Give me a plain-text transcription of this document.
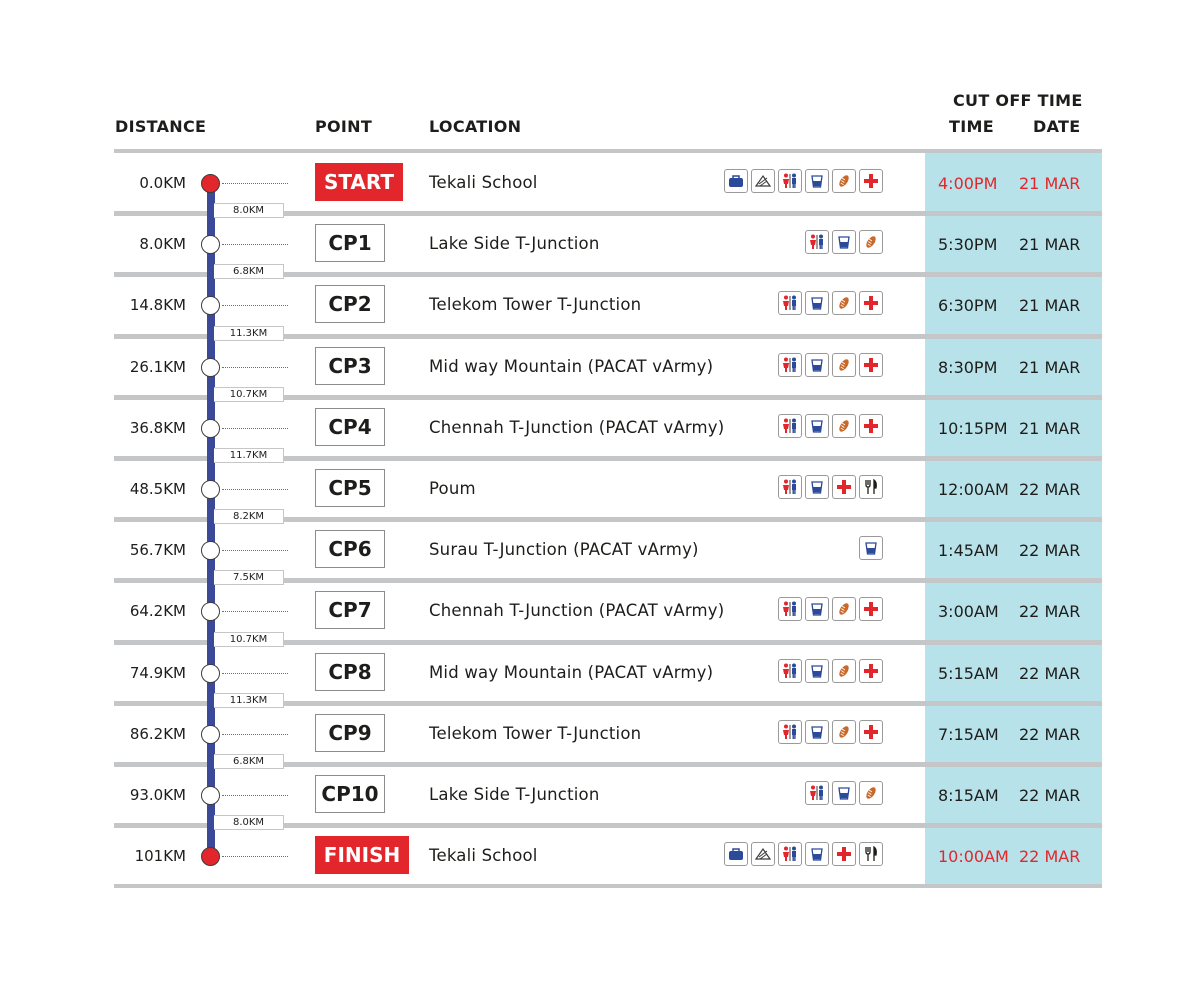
DISTANCE	POINT	LOCATION
CUT OFF TIME
TIME DATE
0.0KM	START	Tekali School	4:00PM 21 MAR
8.0KM
8.0KM	CP1	Lake Side T-Junction	5:30PM 21 MAR
6.8KM
14.8KM	CP2	Telekom Tower T-Junction	6:30PM 21 MAR
11.3KM
26.1KM	CP3	Mid way Mountain (PACAT vArmy)	8:30PM 21 MAR
10.7KM
36.8KM	CP4	Chennah T-Junction (PACAT vArmy)	10:15PM 21 MAR
11.7KM
48.5KM	CP5	Poum	12:00AM 22 MAR
8.2KM
56.7KM	CP6	Surau T-Junction (PACAT vArmy)	1:45AM 22 MAR
7.5KM
64.2KM	CP7	Chennah T-Junction (PACAT vArmy)	3:00AM 22 MAR
10.7KM
74.9KM	CP8	Mid way Mountain (PACAT vArmy)	5:15AM 22 MAR
11.3KM
86.2KM	CP9	Telekom Tower T-Junction	7:15AM 22 MAR
6.8KM
93.0KM	CP10	Lake Side T-Junction	8:15AM 22 MAR
8.0KM
101KM	FINISH	Tekali School	10:00AM 22 MAR
